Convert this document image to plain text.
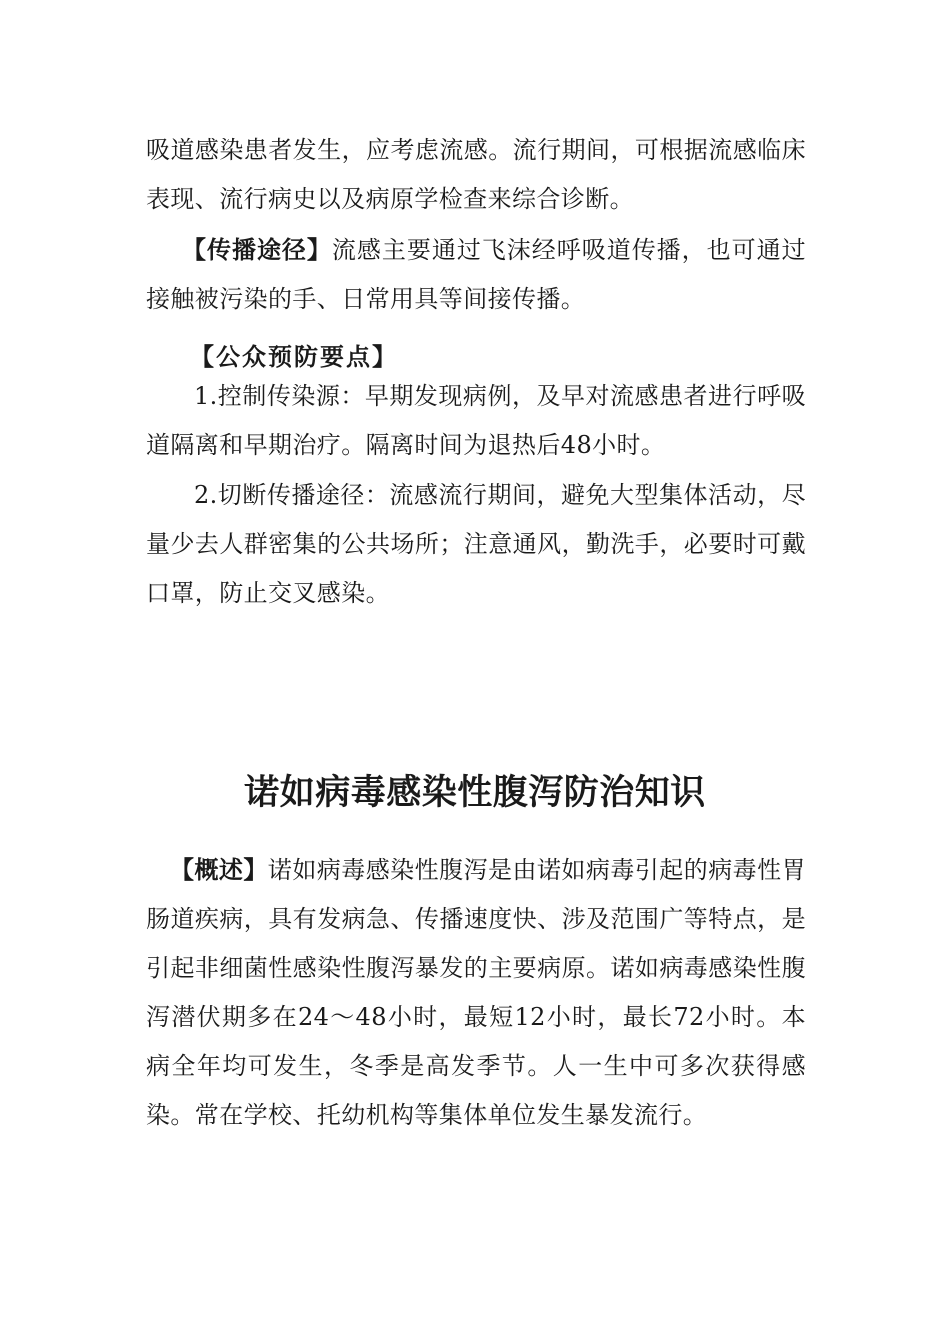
吸道感染患者发生，应考虑流感。流行期间，可根据流感临床表现、流行病史以及病原学检查来综合诊断。

【传播途径】流感主要通过飞沫经呼吸道传播，也可通过接触被污染的手、日常用具等间接传播。

【公众预防要点】

1.控制传染源：早期发现病例，及早对流感患者进行呼吸道隔离和早期治疗。隔离时间为退热后48小时。

2.切断传播途径：流感流行期间，避免大型集体活动，尽量少去人群密集的公共场所；注意通风，勤洗手，必要时可戴口罩，防止交叉感染。

诺如病毒感染性腹泻防治知识

【概述】诺如病毒感染性腹泻是由诺如病毒引起的病毒性胃肠道疾病，具有发病急、传播速度快、涉及范围广等特点，是引起非细菌性感染性腹泻暴发的主要病原。诺如病毒感染性腹泻潜伏期多在24～48小时，最短12小时，最长72小时。本病全年均可发生，冬季是高发季节。人一生中可多次获得感染。常在学校、托幼机构等集体单位发生暴发流行。
